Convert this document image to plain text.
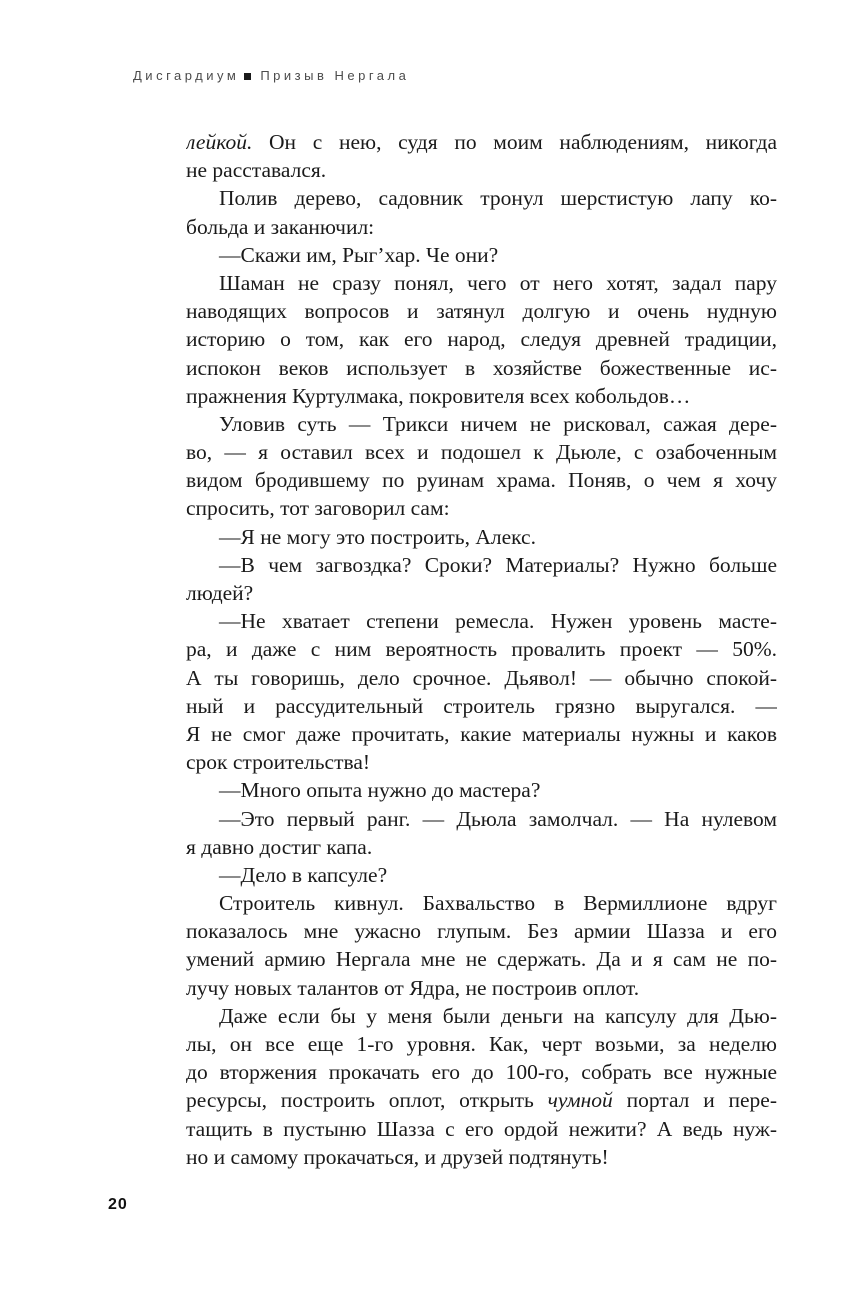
Дисгардиум Призыв Нергала
лейкой. Он с нею, судя по моим наблюдениям, никогда
не расставался.
Полив дерево, садовник тронул шерстистую лапу ко-
больда и заканючил:
—Скажи им, Рыг’хар. Че они?
Шаман не сразу понял, чего от него хотят, задал пару
наводящих вопросов и затянул долгую и очень нудную
историю о том, как его народ, следуя древней традиции,
испокон веков использует в хозяйстве божественные ис-
пражнения Куртулмака, покровителя всех кобольдов…
Уловив суть — Трикси ничем не рисковал, сажая дере-
во, — я оставил всех и подошел к Дьюле, с озабоченным
видом бродившему по руинам храма. Поняв, о чем я хочу
спросить, тот заговорил сам:
—Я не могу это построить, Алекс.
—В чем загвоздка? Сроки? Материалы? Нужно больше
людей?
—Не хватает степени ремесла. Нужен уровень масте-
ра, и даже с ним вероятность провалить проект — 50%.
А ты говоришь, дело срочное. Дьявол! — обычно спокой-
ный и рассудительный строитель грязно выругался. —
Я не смог даже прочитать, какие материалы нужны и каков
срок строительства!
—Много опыта нужно до мастера?
—Это первый ранг. — Дьюла замолчал. — На нулевом
я давно достиг капа.
—Дело в капсуле?
Строитель кивнул. Бахвальство в Вермиллионе вдруг
показалось мне ужасно глупым. Без армии Шазза и его
умений армию Нергала мне не сдержать. Да и я сам не по-
лучу новых талантов от Ядра, не построив оплот.
Даже если бы у меня были деньги на капсулу для Дью-
лы, он все еще 1-го уровня. Как, черт возьми, за неделю
до вторжения прокачать его до 100-го, собрать все нужные
ресурсы, построить оплот, открыть чумной портал и пере-
тащить в пустыню Шазза с его ордой нежити? А ведь нуж-
но и самому прокачаться, и друзей подтянуть!
20
